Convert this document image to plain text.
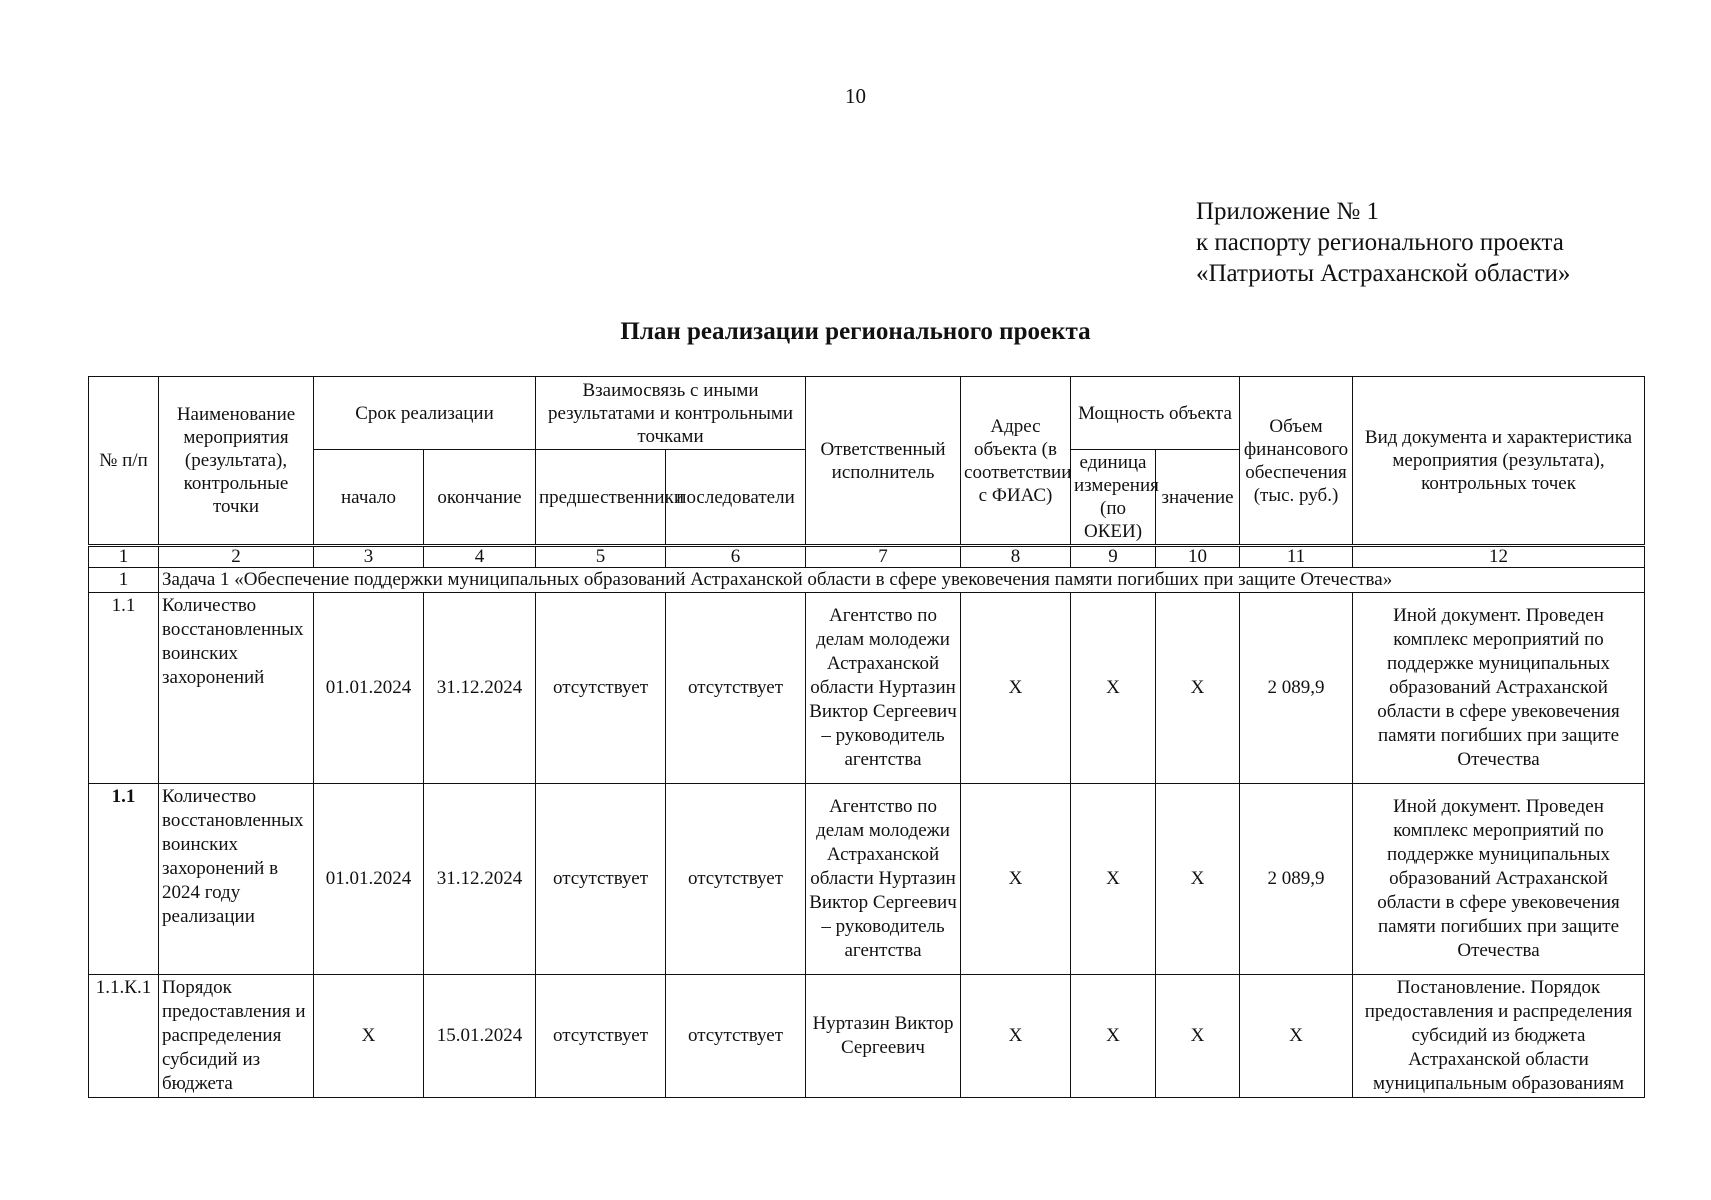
10
Приложение № 1
к паспорту регионального проекта
«Патриоты Астраханской области»
План реализации регионального проекта
№ п/п	Наименование мероприятия (результата), контрольные точки	Срок реализации		Взаимосвязь с иными результатами и контрольными точками		Ответственный исполнитель	Адрес объекта (в соответствии с ФИАС)	Мощность объекта		Объем финансового обеспечения (тыс. руб.)	Вид документа и характеристика мероприятия (результата), контрольных точек
		начало	окончание	предшественники	последователи			единица измерения (по ОКЕИ)	значение		
1	2	3	4	5	6	7	8	9	10	11	12
1	Задача 1 «Обеспечение поддержки муниципальных образований Астраханской области в сфере увековечения памяти погибших при защите Отечества»										
1.1	Количество восстановленных воинских захоронений	01.01.2024	31.12.2024	отсутствует	отсутствует	Агентство по делам молодежи Астраханской области Нуртазин Виктор Сергеевич – руководитель агентства	X	X	X	2 089,9	Иной документ. Проведен комплекс мероприятий по поддержке муниципальных образований Астраханской области в сфере увековечения памяти погибших при защите Отечества
1.1	Количество восстановленных воинских захоронений в 2024 году реализации	01.01.2024	31.12.2024	отсутствует	отсутствует	Агентство по делам молодежи Астраханской области Нуртазин Виктор Сергеевич – руководитель агентства	X	X	X	2 089,9	Иной документ. Проведен комплекс мероприятий по поддержке муниципальных образований Астраханской области в сфере увековечения памяти погибших при защите Отечества
1.1.К.1	Порядок предоставления и распределения субсидий из бюджета	X	15.01.2024	отсутствует	отсутствует	Нуртазин Виктор Сергеевич	X	X	X	X	Постановление. Порядок предоставления и распределения субсидий из бюджета Астраханской области муниципальным образованиям
